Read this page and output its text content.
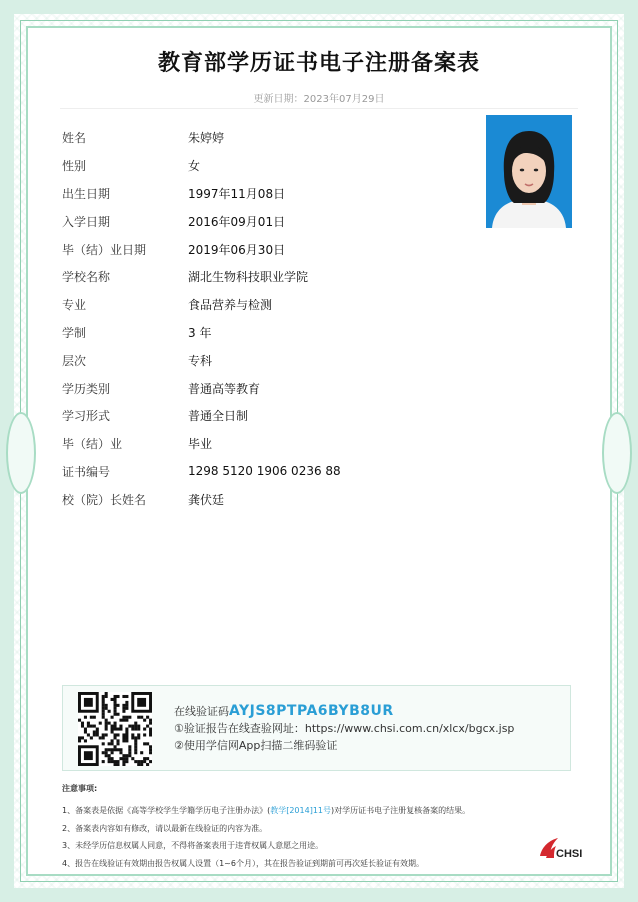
教育部学历证书电子注册备案表
更新日期：2023年07月29日
姓名	朱婷婷
性别	女
出生日期	1997年11月08日
入学日期	2016年09月01日
毕（结）业日期	2019年06月30日
学校名称	湖北生物科技职业学院
专业	食品营养与检测
学制	3 年
层次	专科
学历类别	普通高等教育
学习形式	普通全日制
毕（结）业	毕业
证书编号	1298 5120 1906 0236 88
校（院）长姓名	龚伏廷
在线验证码AYJS8PTPA6BYB8UR
①验证报告在线查验网址：https://www.chsi.com.cn/xlcx/bgcx.jsp
②使用学信网App扫描二维码验证
注意事项:
1、备案表是依据《高等学校学生学籍学历电子注册办法》(教学[2014]11号)对学历证书电子注册复核备案的结果。
2、备案表内容如有修改，请以最新在线验证的内容为准。
3、未经学历信息权属人同意，不得将备案表用于违背权属人意愿之用途。
4、报告在线验证有效期由报告权属人设置（1~6个月），其在报告验证到期前可再次延长验证有效期。
CHSI
